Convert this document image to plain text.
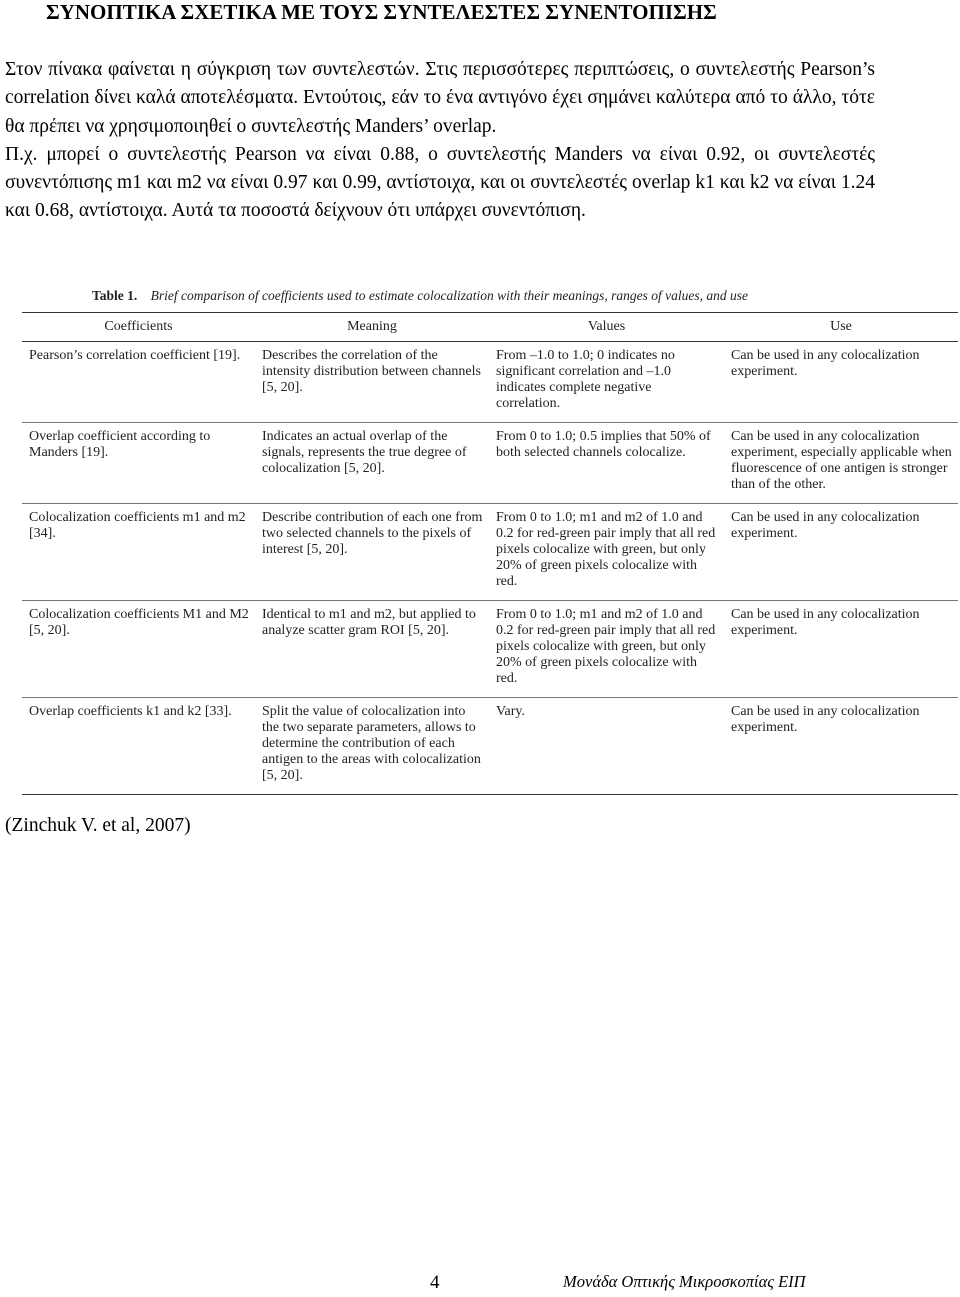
ΣΥΝΟΠΤΙΚΑ ΣΧΕΤΙΚΑ ΜΕ ΤΟΥΣ ΣΥΝΤΕΛΕΣΤΕΣ ΣΥΝΕΝΤΟΠΙΣΗΣ

Στον πίνακα φαίνεται η σύγκριση των συντελεστών. Στις περισσότερες περιπτώσεις, ο συντελεστής Pearson’s correlation δίνει καλά αποτελέσματα. Εντούτοις, εάν το ένα αντιγόνο έχει σημάνει καλύτερα από το άλλο, τότε θα πρέπει να χρησιμοποιηθεί ο συντελεστής Manders’ overlap.

Π.χ. μπορεί ο συντελεστής Pearson να είναι 0.88, ο συντελεστής Manders να είναι 0.92, οι συντελεστές συνεντόπισης m1 και m2 να είναι 0.97 και 0.99, αντίστοιχα, και οι συντελεστές overlap k1 και k2 να είναι 1.24 και 0.68, αντίστοιχα. Αυτά τα ποσοστά δείχνουν ότι υπάρχει συνεντόπιση.

Table 1. Brief comparison of coefficients used to estimate colocalization with their meanings, ranges of values, and use
Coefficients	Meaning	Values	Use
Pearson’s correlation coefficient [19].	Describes the correlation of the intensity distribution between channels [5, 20].	From –1.0 to 1.0; 0 indicates no significant correlation and –1.0 indicates complete negative correlation.	Can be used in any colocalization experiment.
Overlap coefficient according to Manders [19].	Indicates an actual overlap of the signals, represents the true degree of colocalization [5, 20].	From 0 to 1.0; 0.5 implies that 50% of both selected channels colocalize.	Can be used in any colocalization experiment, especially applicable when fluorescence of one antigen is stronger than of the other.
Colocalization coefficients m1 and m2 [34].	Describe contribution of each one from two selected channels to the pixels of interest [5, 20].	From 0 to 1.0; m1 and m2 of 1.0 and 0.2 for red-green pair imply that all red pixels colocalize with green, but only 20% of green pixels colocalize with red.	Can be used in any colocalization experiment.
Colocalization coefficients M1 and M2 [5, 20].	Identical to m1 and m2, but applied to analyze scatter gram ROI [5, 20].	From 0 to 1.0; m1 and m2 of 1.0 and 0.2 for red-green pair imply that all red pixels colocalize with green, but only 20% of green pixels colocalize with red.	Can be used in any colocalization experiment.
Overlap coefficients k1 and k2 [33].	Split the value of colocalization into the two separate parameters, allows to determine the contribution of each antigen to the areas with colocalization [5, 20].	Vary.	Can be used in any colocalization experiment.
(Zinchuk V. et al, 2007)
4	Μονάδα Οπτικής Μικροσκοπίας ΕΙΠ
